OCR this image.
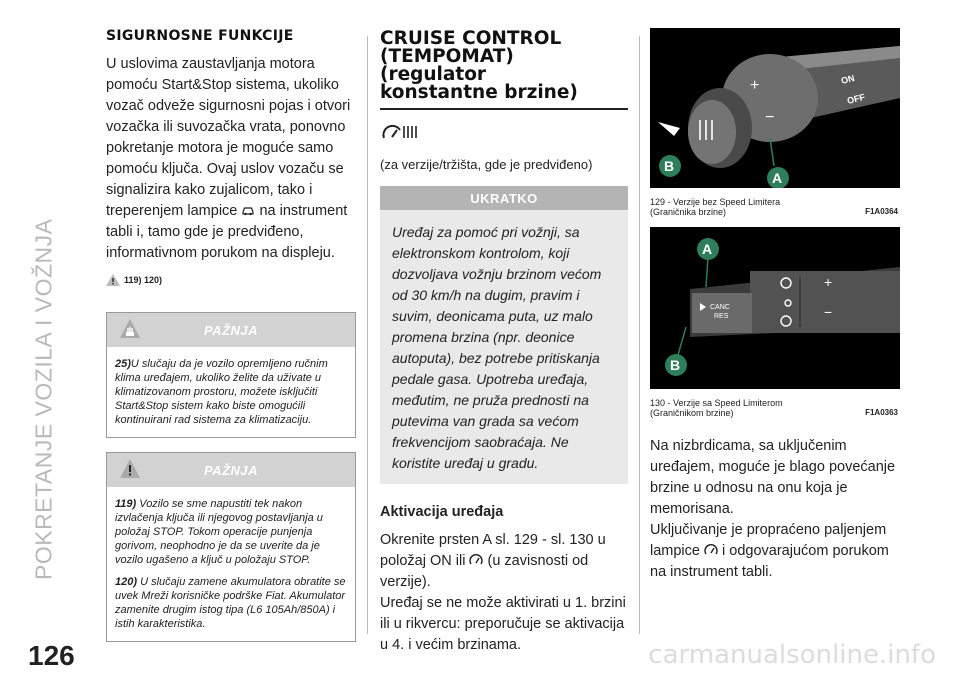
POKRETANJE VOZILA I VOŽNJA
126	carmanualsonline.info
SIGURNOSNE FUNKCIJE
U uslovima zaustavljanja motora pomoću Start&Stop sistema, ukoliko vozač odveže sigurnosni pojas i otvori vozačka ili suvozačka vrata, ponovno pokretanje motora je moguće samo pomoću ključa. Ovaj uslov vozaču se signalizira kako zujalicom, tako i treperenjem lampice na instrument tabli i, tamo gde je predviđeno, informativnom porukom na displeju.
119) 120)
PAŽNJA

25)U slučaju da je vozilo opremljeno ručnim klima uređajem, ukoliko želite da uživate u klimatizovanom prostoru, možete isključiti Start&Stop sistem kako biste omogućili kontinuirani rad sistema za klimatizaciju.

PAŽNJA

119) Vozilo se sme napustiti tek nakon izvlačenja ključa ili njegovog postavljanja u položaj STOP. Tokom operacije punjenja gorivom, neophodno je da se uverite da je vozilo ugašeno a ključ u položaju STOP.

120) U slučaju zamene akumulatora obratite se uvek Mreži korisničke podrške Fiat. Akumulator zamenite drugim istog tipa (L6 105Ah/850A) i istih karakteristika.

CRUISE CONTROL
(TEMPOMAT)
(regulator
konstantne brzine)
(za verzije/tržišta, gde je predviđeno)
UKRATKO
Uređaj za pomoć pri vožnji, sa elektronskom kontrolom, koji dozvoljava vožnju brzinom većom od 30 km/h na dugim, pravim i suvim, deonicama puta, uz malo promena brzina (npr. deonice autoputa), bez potrebe pritiskanja pedale gasa. Upotreba uređaja, međutim, ne pruža prednosti na putevima van grada sa većom frekvencijom saobraćaja. Ne koristite uređaj u gradu.
Aktivacija uređaja
Okrenite prsten A sl. 129 - sl. 130 u položaj ON ili (u zavisnosti od verzije).
Uređaj se ne može aktivirati u 1. brzini ili u rikvercu: preporučuje se aktivacija u 4. i većim brzinama.
+
−
ON
OFF
B
A
129 - Verzije bez Speed Limitera
(Graničnika brzine)	F1A0364
+
−
CANC
RES
A
B
130 - Verzije sa Speed Limiterom
(Graničnikom brzine)	F1A0363
Na nizbrdicama, sa uključenim uređajem, moguće je blago povećanje brzine u odnosu na onu koja je memorisana.
Uključivanje je propraćeno paljenjem lampice i odgovarajućom porukom na instrument tabli.
